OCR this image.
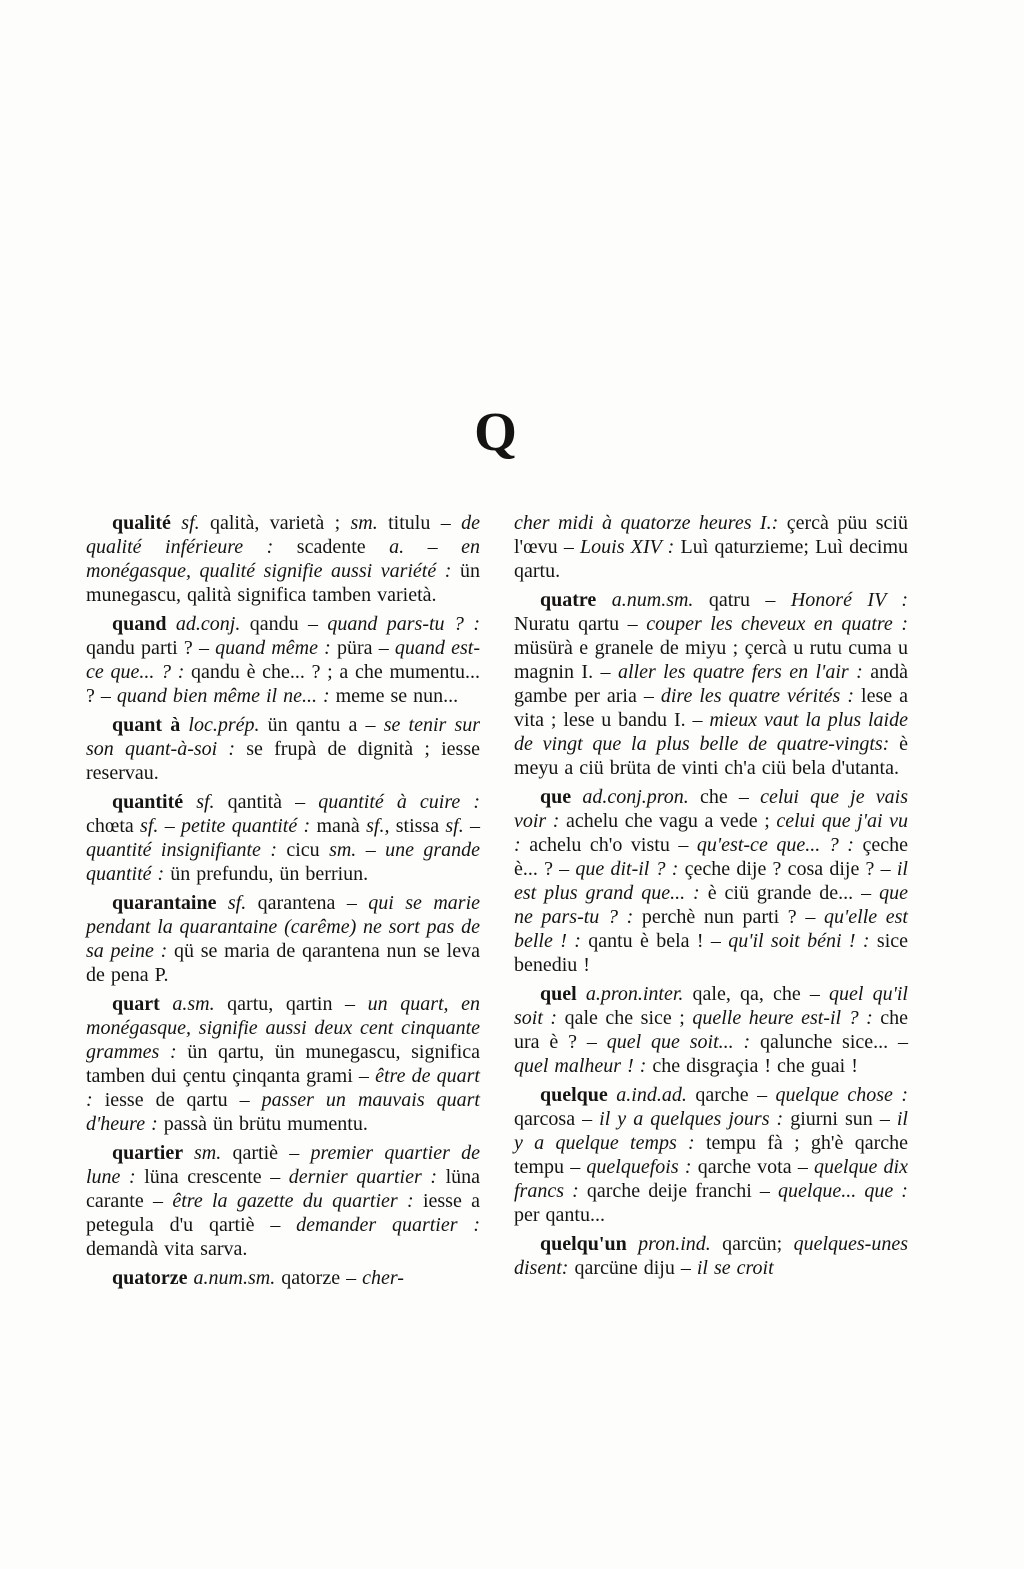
Q

qualité sf. qalità, varietà ; sm. titulu – de qualité inférieure : scadente a. – en monégasque, qualité signifie aussi variété : ün munegascu, qalità significa tamben varietà.

quand ad.conj. qandu – quand pars-tu ? : qandu parti ? – quand même : püra – quand est-ce que... ? : qandu è che... ? ; a che mumentu... ? – quand bien même il ne... : meme se nun...

quant à loc.prép. ün qantu a – se tenir sur son quant-à-soi : se frupà de dignità ; iesse reservau.

quantité sf. qantità – quantité à cuire : chœta sf. – petite quantité : manà sf., stissa sf. – quantité insignifiante : cicu sm. – une grande quantité : ün prefundu, ün berriun.

quarantaine sf. qarantena – qui se marie pendant la quarantaine (carême) ne sort pas de sa peine : qü se maria de qarantena nun se leva de pena P.

quart a.sm. qartu, qartin – un quart, en monégasque, signifie aussi deux cent cinquante grammes : ün qartu, ün munegascu, significa tamben dui çentu çinqanta grami – être de quart : iesse de qartu – passer un mauvais quart d'heure : passà ün brütu mumentu.

quartier sm. qartiè – premier quartier de lune : lüna crescente – dernier quartier : lüna carante – être la gazette du quartier : iesse a petegula d'u qartiè – demander quartier : demandà vita sarva.

quatorze a.num.sm. qatorze – cher-

cher midi à quatorze heures I.: çercà püu sciü l'œvu – Louis XIV : Luì qaturzieme; Luì decimu qartu.

quatre a.num.sm. qatru – Honoré IV : Nuratu qartu – couper les cheveux en quatre : müsürà e granele de miyu ; çercà u rutu cuma u magnin I. – aller les quatre fers en l'air : andà gambe per aria – dire les quatre vérités : lese a vita ; lese u bandu I. – mieux vaut la plus laide de vingt que la plus belle de quatre-vingts: è meyu a ciü brüta de vinti ch'a ciü bela d'utanta.

que ad.conj.pron. che – celui que je vais voir : achelu che vagu a vede ; celui que j'ai vu : achelu ch'o vistu – qu'est-ce que... ? : çeche è... ? – que dit-il ? : çeche dije ? cosa dije ? – il est plus grand que... : è ciü grande de... – que ne pars-tu ? : perchè nun parti ? – qu'elle est belle ! : qantu è bela ! – qu'il soit béni ! : sice benediu !

quel a.pron.inter. qale, qa, che – quel qu'il soit : qale che sice ; quelle heure est-il ? : che ura è ? – quel que soit... : qalunche sice... – quel malheur ! : che disgraçia ! che guai !

quelque a.ind.ad. qarche – quelque chose : qarcosa – il y a quelques jours : giurni sun – il y a quelque temps : tempu fà ; gh'è qarche tempu – quelquefois : qarche vota – quelque dix francs : qarche deije franchi – quelque... que : per qantu...

quelqu'un pron.ind. qarcün; quelques-unes disent: qarcüne diju – il se croit
